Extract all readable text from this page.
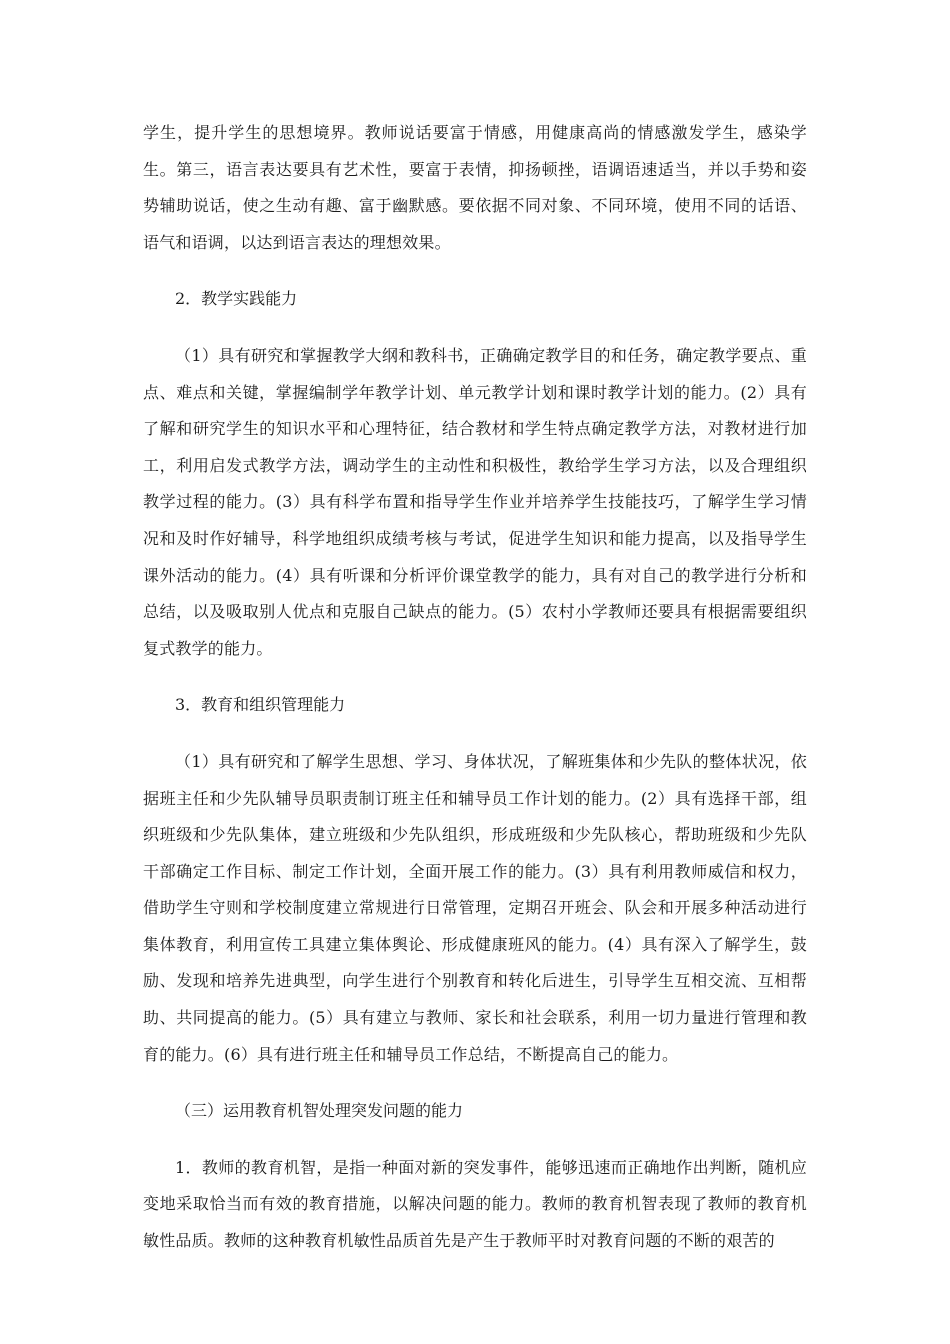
学生，提升学生的思想境界。教师说话要富于情感，用健康高尚的情感激发学生，感染学生。第三，语言表达要具有艺术性，要富于表情，抑扬顿挫，语调语速适当，并以手势和姿势辅助说话，使之生动有趣、富于幽默感。要依据不同对象、不同环境，使用不同的话语、语气和语调，以达到语言表达的理想效果。

2．教学实践能力

（1）具有研究和掌握教学大纲和教科书，正确确定教学目的和任务，确定教学要点、重点、难点和关键，掌握编制学年教学计划、单元教学计划和课时教学计划的能力。(2）具有了解和研究学生的知识水平和心理特征，结合教材和学生特点确定教学方法，对教材进行加工，利用启发式教学方法，调动学生的主动性和积极性，教给学生学习方法，以及合理组织教学过程的能力。(3）具有科学布置和指导学生作业并培养学生技能技巧，了解学生学习情况和及时作好辅导，科学地组织成绩考核与考试，促进学生知识和能力提高，以及指导学生课外活动的能力。(4）具有听课和分析评价课堂教学的能力，具有对自己的教学进行分析和总结，以及吸取别人优点和克服自己缺点的能力。(5）农村小学教师还要具有根据需要组织复式教学的能力。

3．教育和组织管理能力

（1）具有研究和了解学生思想、学习、身体状况，了解班集体和少先队的整体状况，依据班主任和少先队辅导员职责制订班主任和辅导员工作计划的能力。(2）具有选择干部，组织班级和少先队集体，建立班级和少先队组织，形成班级和少先队核心，帮助班级和少先队干部确定工作目标、制定工作计划，全面开展工作的能力。(3）具有利用教师威信和权力，借助学生守则和学校制度建立常规进行日常管理，定期召开班会、队会和开展多种活动进行集体教育，利用宣传工具建立集体舆论、形成健康班风的能力。(4）具有深入了解学生，鼓励、发现和培养先进典型，向学生进行个别教育和转化后进生，引导学生互相交流、互相帮助、共同提高的能力。(5）具有建立与教师、家长和社会联系，利用一切力量进行管理和教育的能力。(6）具有进行班主任和辅导员工作总结，不断提高自己的能力。

（三）运用教育机智处理突发问题的能力

1．教师的教育机智，是指一种面对新的突发事件，能够迅速而正确地作出判断，随机应变地采取恰当而有效的教育措施，以解决问题的能力。教师的教育机智表现了教师的教育机敏性品质。教师的这种教育机敏性品质首先是产生于教师平时对教育问题的不断的艰苦的
